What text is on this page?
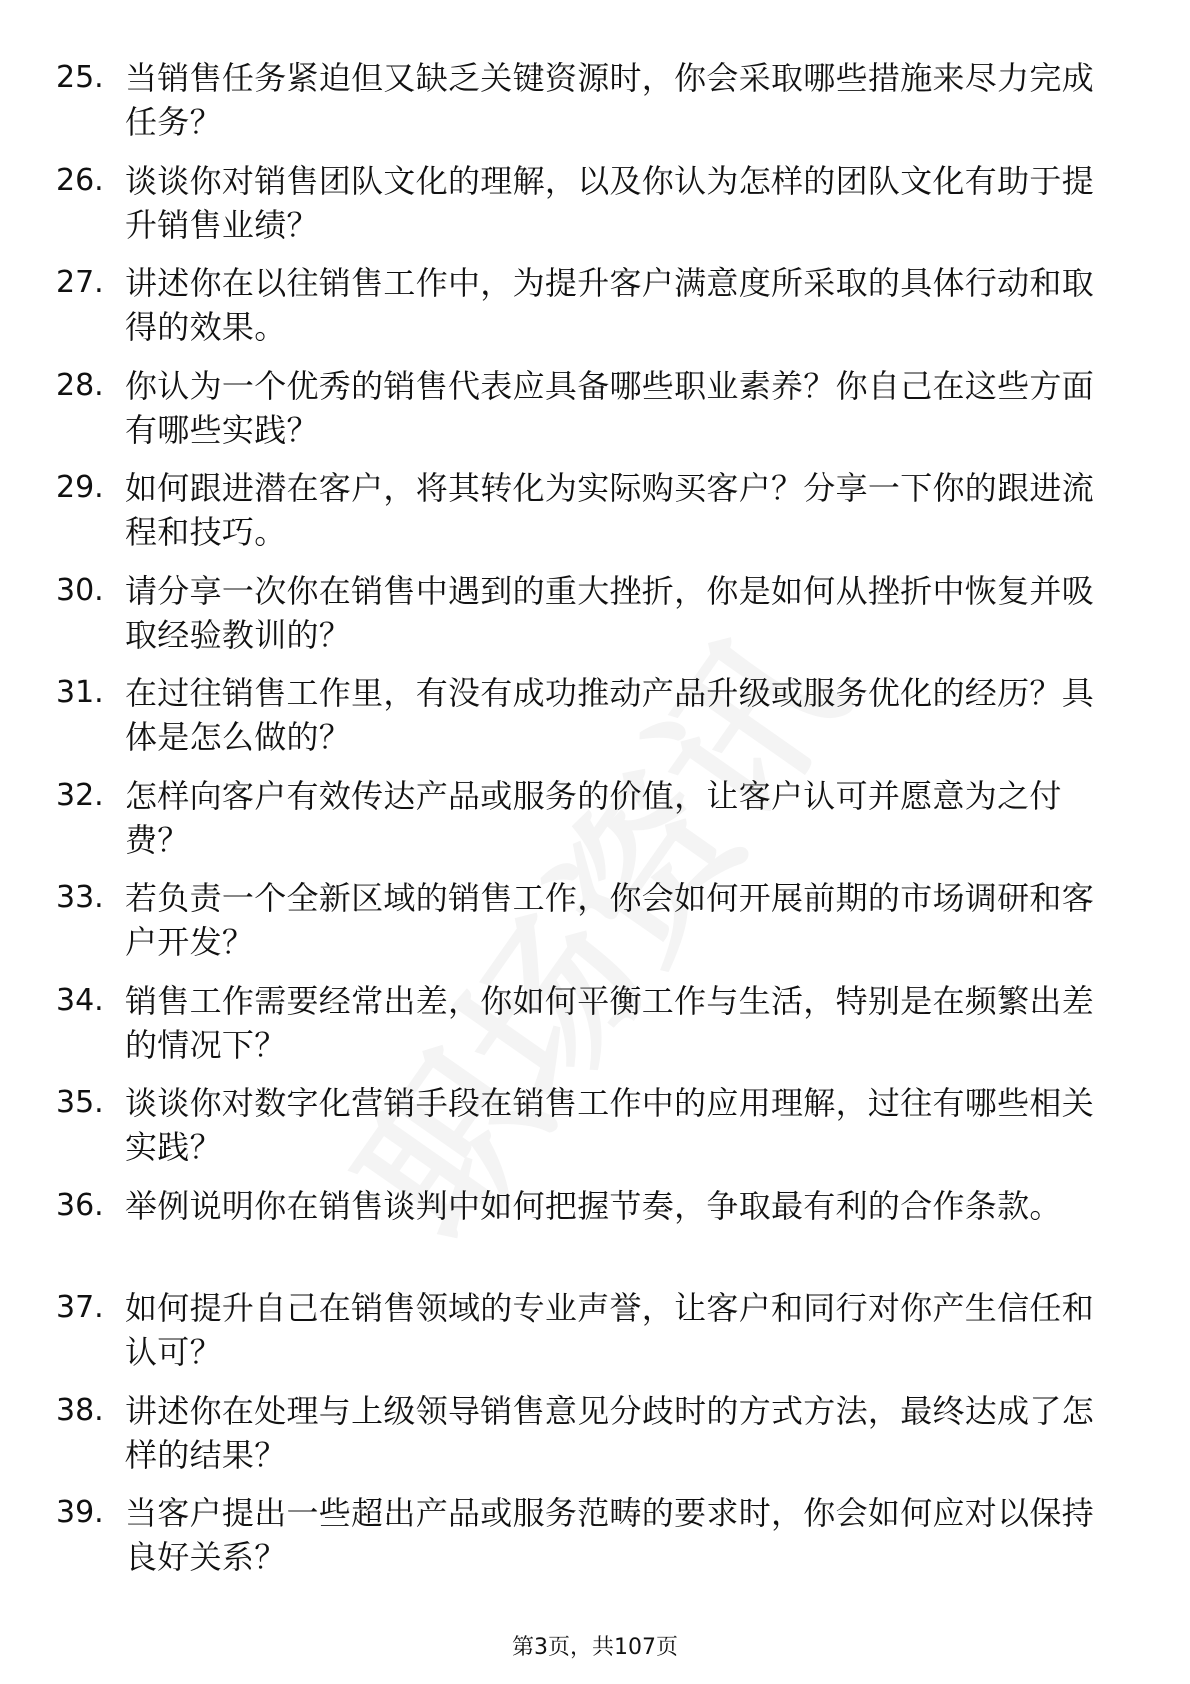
25. 当销售任务紧迫但又缺乏关键资源时，你会采取哪些措施来尽力完成任务？
26. 谈谈你对销售团队文化的理解，以及你认为怎样的团队文化有助于提升销售业绩？
27. 讲述你在以往销售工作中，为提升客户满意度所采取的具体行动和取得的效果。
28. 你认为一个优秀的销售代表应具备哪些职业素养？你自己在这些方面有哪些实践？
29. 如何跟进潜在客户，将其转化为实际购买客户？分享一下你的跟进流程和技巧。
30. 请分享一次你在销售中遇到的重大挫折，你是如何从挫折中恢复并吸取经验教训的？
31. 在过往销售工作里，有没有成功推动产品升级或服务优化的经历？具体是怎么做的？
32. 怎样向客户有效传达产品或服务的价值，让客户认可并愿意为之付费？
33. 若负责一个全新区域的销售工作，你会如何开展前期的市场调研和客户开发？
34. 销售工作需要经常出差，你如何平衡工作与生活，特别是在频繁出差的情况下？
35. 谈谈你对数字化营销手段在销售工作中的应用理解，过往有哪些相关实践？
36. 举例说明你在销售谈判中如何把握节奏，争取最有利的合作条款。
37. 如何提升自己在销售领域的专业声誉，让客户和同行对你产生信任和认可？
38. 讲述你在处理与上级领导销售意见分歧时的方式方法，最终达成了怎样的结果？
39. 当客户提出一些超出产品或服务范畴的要求时，你会如何应对以保持良好关系？
第3页，共107页
